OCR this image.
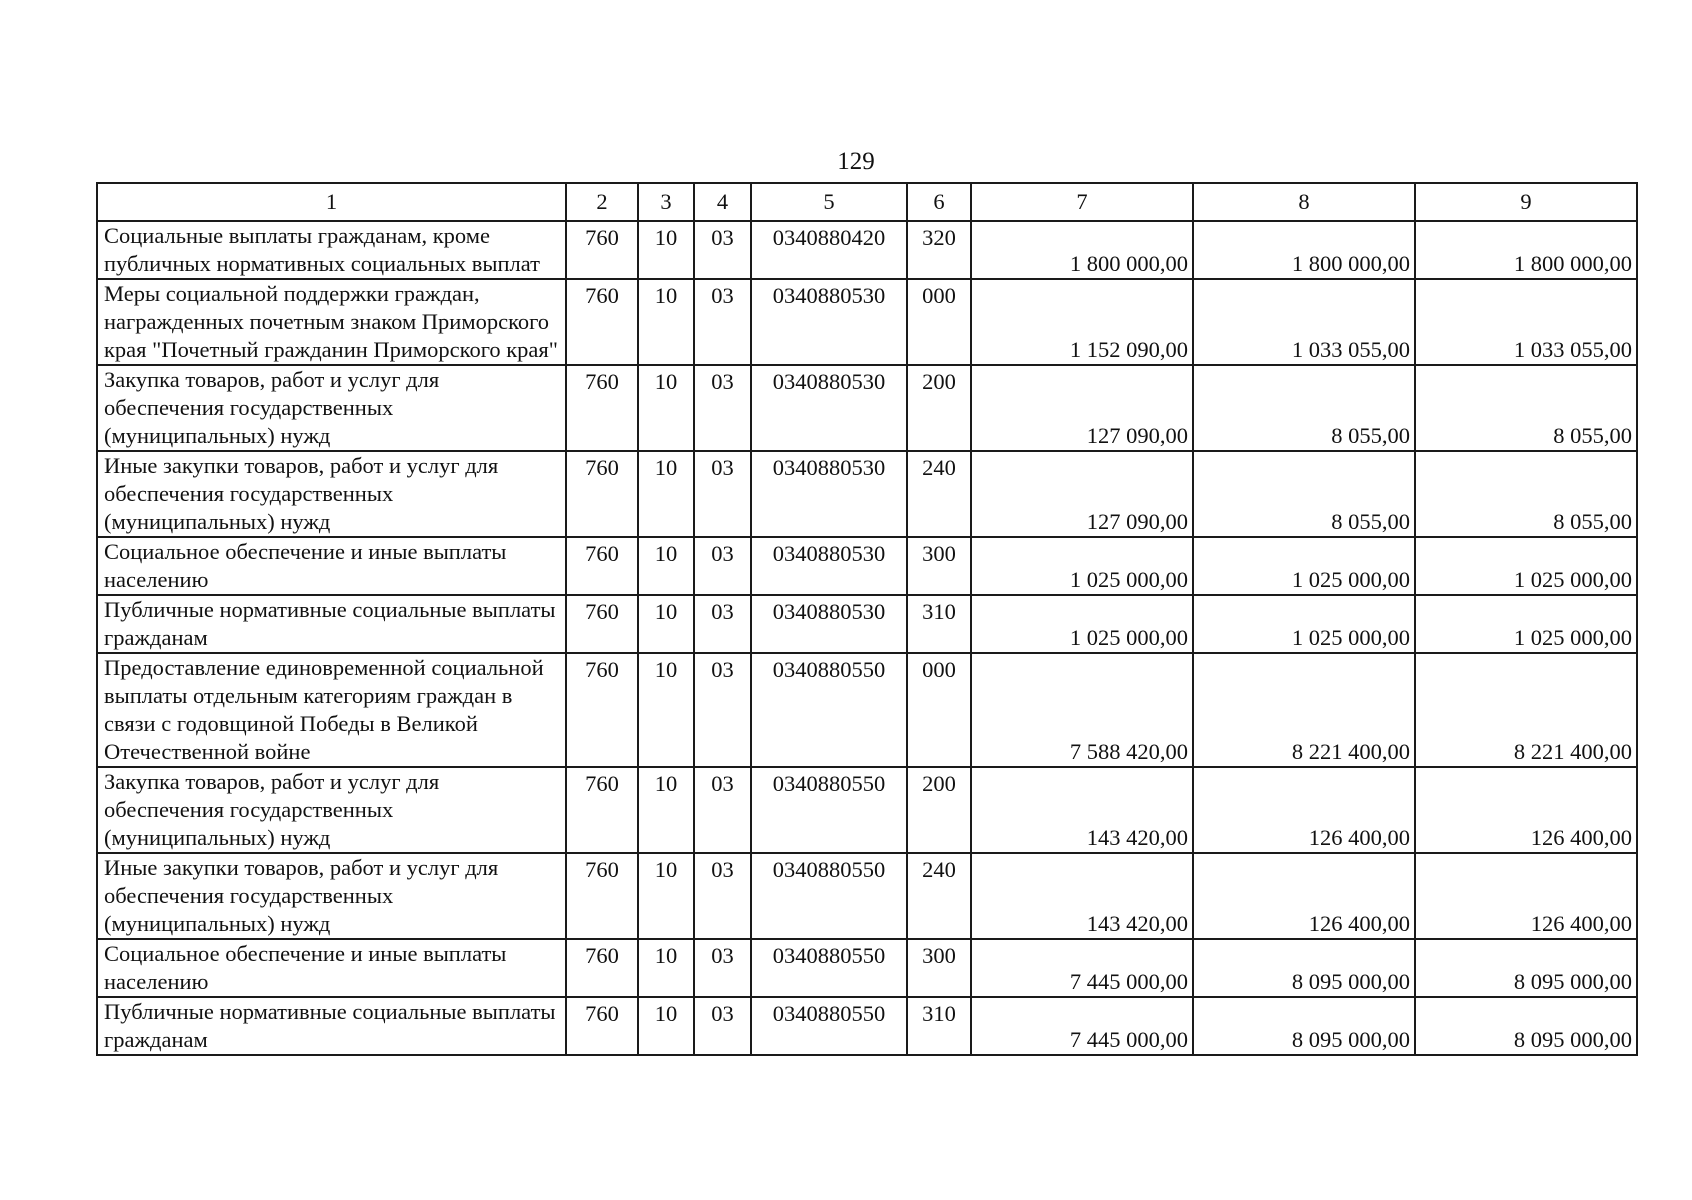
129
1	2	3	4	5	6	7	8	9
Социальные выплаты гражданам, кроме публичных нормативных социальных выплат	760	10	03	0340880420	320	1 800 000,00	1 800 000,00	1 800 000,00
Меры социальной поддержки граждан, награжденных почетным знаком Приморского края "Почетный гражданин Приморского края"	760	10	03	0340880530	000	1 152 090,00	1 033 055,00	1 033 055,00
Закупка товаров, работ и услуг для обеспечения государственных (муниципальных) нужд	760	10	03	0340880530	200	127 090,00	8 055,00	8 055,00
Иные закупки товаров, работ и услуг для обеспечения государственных (муниципальных) нужд	760	10	03	0340880530	240	127 090,00	8 055,00	8 055,00
Социальное обеспечение и иные выплаты населению	760	10	03	0340880530	300	1 025 000,00	1 025 000,00	1 025 000,00
Публичные нормативные социальные выплаты гражданам	760	10	03	0340880530	310	1 025 000,00	1 025 000,00	1 025 000,00
Предоставление единовременной социальной выплаты отдельным категориям граждан в связи с годовщиной Победы в Великой Отечественной войне	760	10	03	0340880550	000	7 588 420,00	8 221 400,00	8 221 400,00
Закупка товаров, работ и услуг для обеспечения государственных (муниципальных) нужд	760	10	03	0340880550	200	143 420,00	126 400,00	126 400,00
Иные закупки товаров, работ и услуг для обеспечения государственных (муниципальных) нужд	760	10	03	0340880550	240	143 420,00	126 400,00	126 400,00
Социальное обеспечение и иные выплаты населению	760	10	03	0340880550	300	7 445 000,00	8 095 000,00	8 095 000,00
Публичные нормативные социальные выплаты гражданам	760	10	03	0340880550	310	7 445 000,00	8 095 000,00	8 095 000,00
